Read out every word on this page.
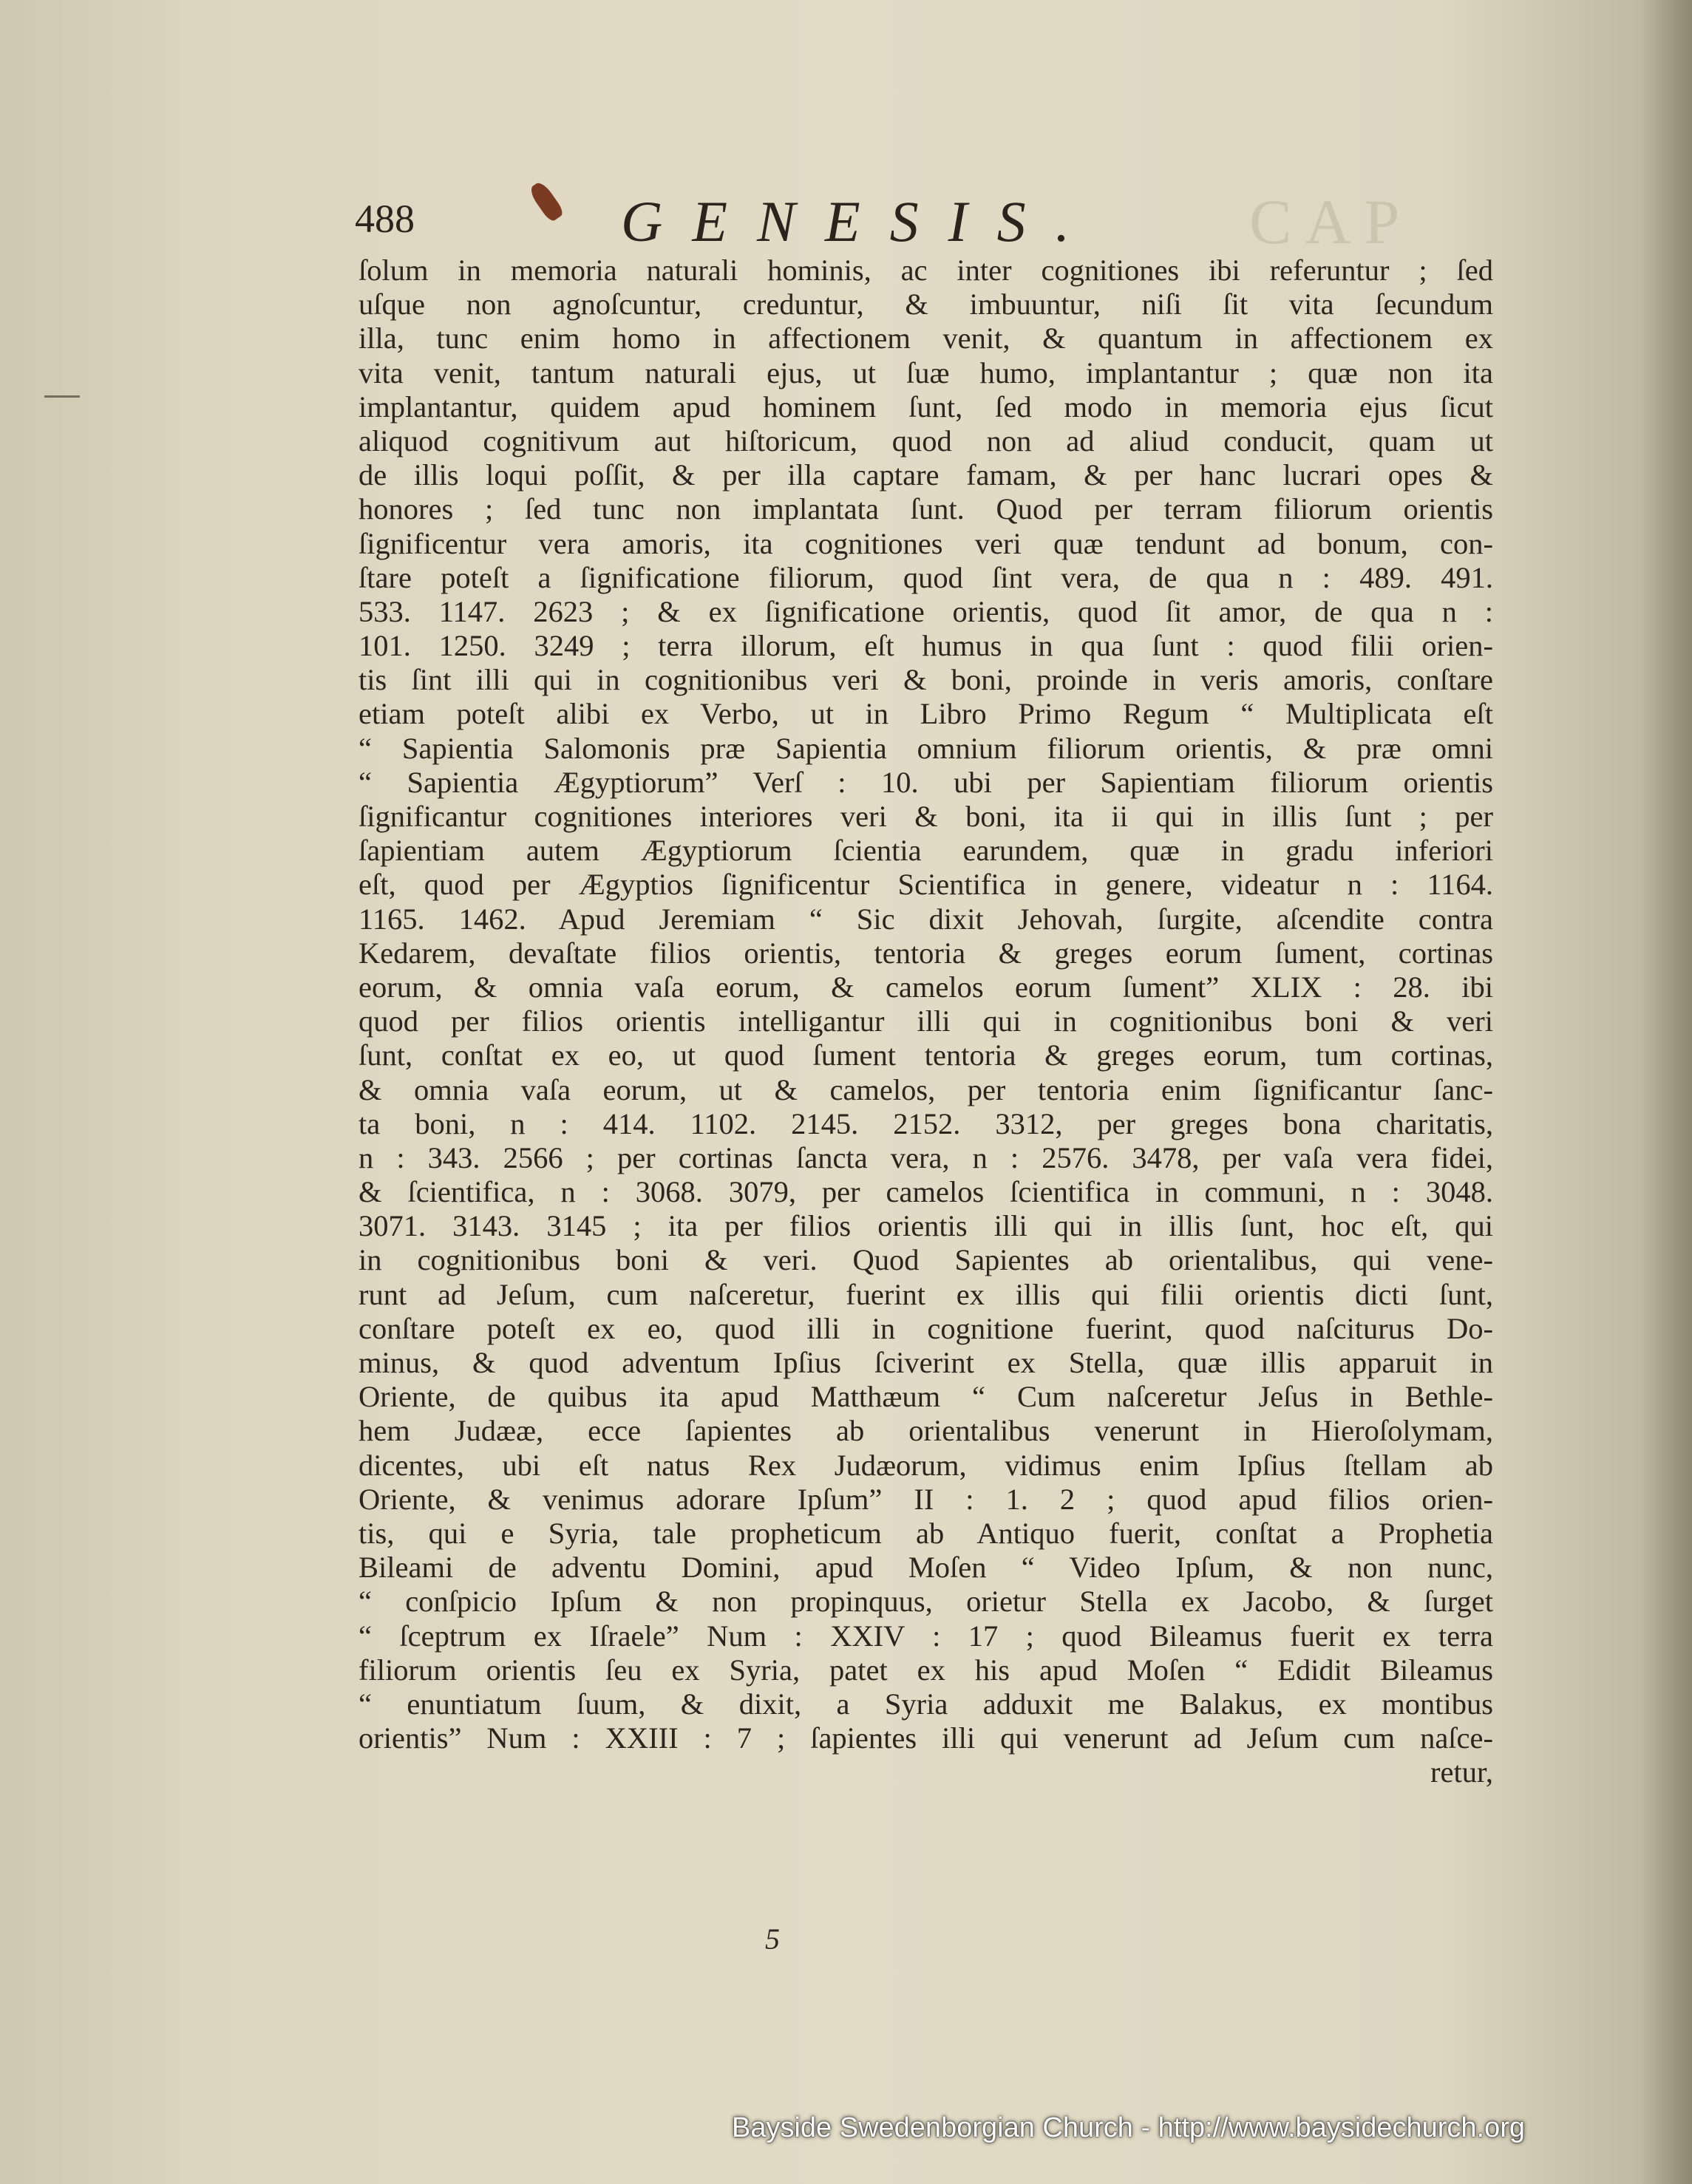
CAP
488	GENESIS.
ſolum in memoria naturali hominis, ac inter cognitiones ibi referuntur ; ſed
uſque non agnoſcuntur, creduntur, & imbuuntur, niſi ſit vita ſecundum
illa, tunc enim homo in affectionem venit, & quantum in affectionem ex
vita venit, tantum naturali ejus, ut ſuæ humo, implantantur ; quæ non ita
implantantur, quidem apud hominem ſunt, ſed modo in memoria ejus ſicut
aliquod cognitivum aut hiſtoricum, quod non ad aliud conducit, quam ut
de illis loqui poſſit, & per illa captare famam, & per hanc lucrari opes &
honores ; ſed tunc non implantata ſunt. Quod per terram filiorum orientis
ſignificentur vera amoris, ita cognitiones veri quæ tendunt ad bonum, con-
ſtare poteſt a ſignificatione filiorum, quod ſint vera, de qua n : 489. 491.
533. 1147. 2623 ; & ex ſignificatione orientis, quod ſit amor, de qua n :
101. 1250. 3249 ; terra illorum, eſt humus in qua ſunt : quod filii orien-
tis ſint illi qui in cognitionibus veri & boni, proinde in veris amoris, conſtare
etiam poteſt alibi ex Verbo, ut in Libro Primo Regum “ Multiplicata eſt
“ Sapientia Salomonis præ Sapientia omnium filiorum orientis, & præ omni
“ Sapientia Ægyptiorum” Verſ : 10. ubi per Sapientiam filiorum orientis
ſignificantur cognitiones interiores veri & boni, ita ii qui in illis ſunt ; per
ſapientiam autem Ægyptiorum ſcientia earundem, quæ in gradu inferiori
eſt, quod per Ægyptios ſignificentur Scientifica in genere, videatur n : 1164.
1165. 1462. Apud Jeremiam “ Sic dixit Jehovah, ſurgite, aſcendite contra
Kedarem, devaſtate filios orientis, tentoria & greges eorum ſument, cortinas
eorum, & omnia vaſa eorum, & camelos eorum ſument” XLIX : 28. ibi
quod per filios orientis intelligantur illi qui in cognitionibus boni & veri
ſunt, conſtat ex eo, ut quod ſument tentoria & greges eorum, tum cortinas,
& omnia vaſa eorum, ut & camelos, per tentoria enim ſignificantur ſanc-
ta boni, n : 414. 1102. 2145. 2152. 3312, per greges bona charitatis,
n : 343. 2566 ; per cortinas ſancta vera, n : 2576. 3478, per vaſa vera fidei,
& ſcientifica, n : 3068. 3079, per camelos ſcientifica in communi, n : 3048.
3071. 3143. 3145 ; ita per filios orientis illi qui in illis ſunt, hoc eſt, qui
in cognitionibus boni & veri. Quod Sapientes ab orientalibus, qui vene-
runt ad Jeſum, cum naſceretur, fuerint ex illis qui filii orientis dicti ſunt,
conſtare poteſt ex eo, quod illi in cognitione fuerint, quod naſciturus Do-
minus, & quod adventum Ipſius ſciverint ex Stella, quæ illis apparuit in
Oriente, de quibus ita apud Matthæum “ Cum naſceretur Jeſus in Bethle-
hem Judææ, ecce ſapientes ab orientalibus venerunt in Hieroſolymam,
dicentes, ubi eſt natus Rex Judæorum, vidimus enim Ipſius ſtellam ab
Oriente, & venimus adorare Ipſum” II : 1. 2 ; quod apud filios orien-
tis, qui e Syria, tale propheticum ab Antiquo fuerit, conſtat a Prophetia
Bileami de adventu Domini, apud Moſen “ Video Ipſum, & non nunc,
“ conſpicio Ipſum & non propinquus, orietur Stella ex Jacobo, & ſurget
“ ſceptrum ex Iſraele” Num : XXIV : 17 ; quod Bileamus fuerit ex terra
filiorum orientis ſeu ex Syria, patet ex his apud Moſen “ Edidit Bileamus
“ enuntiatum ſuum, & dixit, a Syria adduxit me Balakus, ex montibus
orientis” Num : XXIII : 7 ; ſapientes illi qui venerunt ad Jeſum cum naſce-
retur,
5
Bayside Swedenborgian Church - http://www.baysidechurch.org
